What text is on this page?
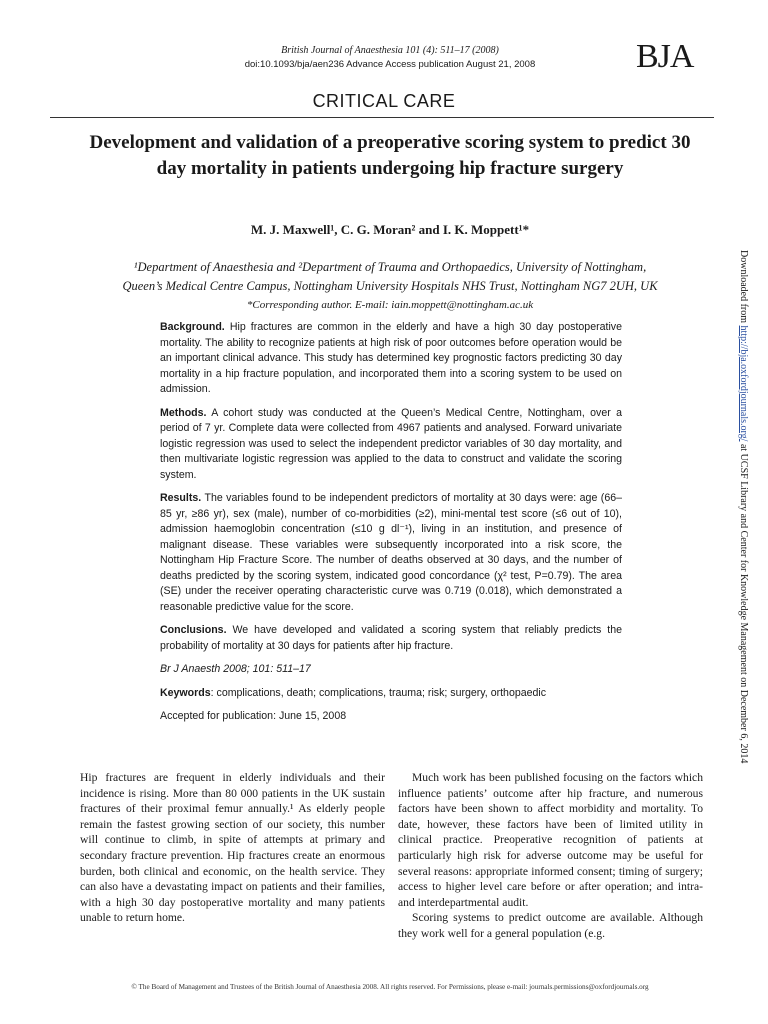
British Journal of Anaesthesia 101 (4): 511–17 (2008)
doi:10.1093/bja/aen236 Advance Access publication August 21, 2008	BJA
CRITICAL CARE
Development and validation of a preoperative scoring system to predict 30 day mortality in patients undergoing hip fracture surgery
M. J. Maxwell¹, C. G. Moran² and I. K. Moppett¹*
¹Department of Anaesthesia and ²Department of Trauma and Orthopaedics, University of Nottingham,
Queen’s Medical Centre Campus, Nottingham University Hospitals NHS Trust, Nottingham NG7 2UH, UK
*Corresponding author. E-mail: iain.moppett@nottingham.ac.uk

Background. Hip fractures are common in the elderly and have a high 30 day postoperative mortality. The ability to recognize patients at high risk of poor outcomes before operation would be an important clinical advance. This study has determined key prognostic factors predicting 30 day mortality in a hip fracture population, and incorporated them into a scoring system to be used on admission.

Methods. A cohort study was conducted at the Queen’s Medical Centre, Nottingham, over a period of 7 yr. Complete data were collected from 4967 patients and analysed. Forward univariate logistic regression was used to select the independent predictor variables of 30 day mortality, and then multivariate logistic regression was applied to the data to construct and validate the scoring system.

Results. The variables found to be independent predictors of mortality at 30 days were: age (66–85 yr, ≥86 yr), sex (male), number of co-morbidities (≥2), mini-mental test score (≤6 out of 10), admission haemoglobin concentration (≤10 g dl⁻¹), living in an institution, and presence of malignant disease. These variables were subsequently incorporated into a risk score, the Nottingham Hip Fracture Score. The number of deaths observed at 30 days, and the number of deaths predicted by the scoring system, indicated good concordance (χ² test, P=0.79). The area (SE) under the receiver operating characteristic curve was 0.719 (0.018), which demonstrated a reasonable predictive value for the score.

Conclusions. We have developed and validated a scoring system that reliably predicts the probability of mortality at 30 days for patients after hip fracture.

Br J Anaesth 2008; 101: 511–17

Keywords: complications, death; complications, trauma; risk; surgery, orthopaedic

Accepted for publication: June 15, 2008

Hip fractures are frequent in elderly individuals and their incidence is rising. More than 80 000 patients in the UK sustain fractures of their proximal femur annually.¹ As elderly people remain the fastest growing section of our society, this number will continue to climb, in spite of attempts at primary and secondary fracture prevention. Hip fractures create an enormous burden, both clinical and economic, on the health service. They can also have a devastating impact on patients and their families, with a high 30 day postoperative mortality and many patients unable to return home.

Much work has been published focusing on the factors which influence patients’ outcome after hip fracture, and numerous factors have been shown to affect morbidity and mortality. To date, however, these factors have been of limited utility in clinical practice. Preoperative recognition of patients at particularly high risk for adverse outcome may be useful for several reasons: appropriate informed consent; timing of surgery; access to higher level care before or after operation; and intra- and interdepartmental audit.

Scoring systems to predict outcome are available. Although they work well for a general population (e.g.

© The Board of Management and Trustees of the British Journal of Anaesthesia 2008. All rights reserved. For Permissions, please e-mail: journals.permissions@oxfordjournals.org
Downloaded from http://bja.oxfordjournals.org/ at UCSF Library and Center for Knowledge Management on December 6, 2014
